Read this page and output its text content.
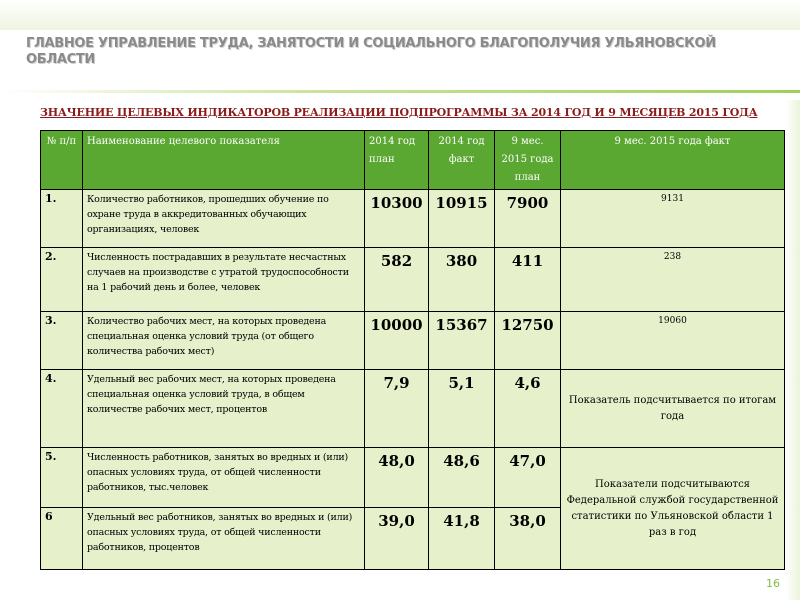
ГЛАВНОЕ УПРАВЛЕНИЕ ТРУДА, ЗАНЯТОСТИ И СОЦИАЛЬНОГО БЛАГОПОЛУЧИЯ УЛЬЯНОВСКОЙ ОБЛАСТИ
ЗНАЧЕНИЕ ЦЕЛЕВЫХ ИНДИКАТОРОВ РЕАЛИЗАЦИИ ПОДПРОГРАММЫ ЗА 2014 ГОД И 9 МЕСЯЦЕВ 2015 ГОДА
№ п/п	Наименование целевого показателя	2014 год план	2014 год факт	9 мес. 2015 года план	9 мес. 2015 года факт
1.	Количество работников, прошедших обучение по охране труда в аккредитованных обучающих организациях, человек	10300	10915	7900	9131
2.	Численность пострадавших в результате несчастных случаев на производстве с утратой трудоспособности на 1 рабочий день и более, человек	582	380	411	238
3.	Количество рабочих мест, на которых проведена специальная оценка условий труда (от общего количества рабочих мест)	10000	15367	12750	19060
4.	Удельный вес рабочих мест, на которых проведена специальная оценка условий труда, в общем количестве рабочих мест, процентов	7,9	5,1	4,6	Показатель подсчитывается по итогам года
5.	Численность работников, занятых во вредных и (или) опасных условиях труда, от общей численности работников, тыс.человек	48,0	48,6	47,0	Показатели подсчитываются Федеральной службой государственной статистики по Ульяновской области 1 раз в год
6	Удельный вес работников, занятых во вредных и (или) опасных условиях труда, от общей численности работников, процентов	39,0	41,8	38,0	
16
